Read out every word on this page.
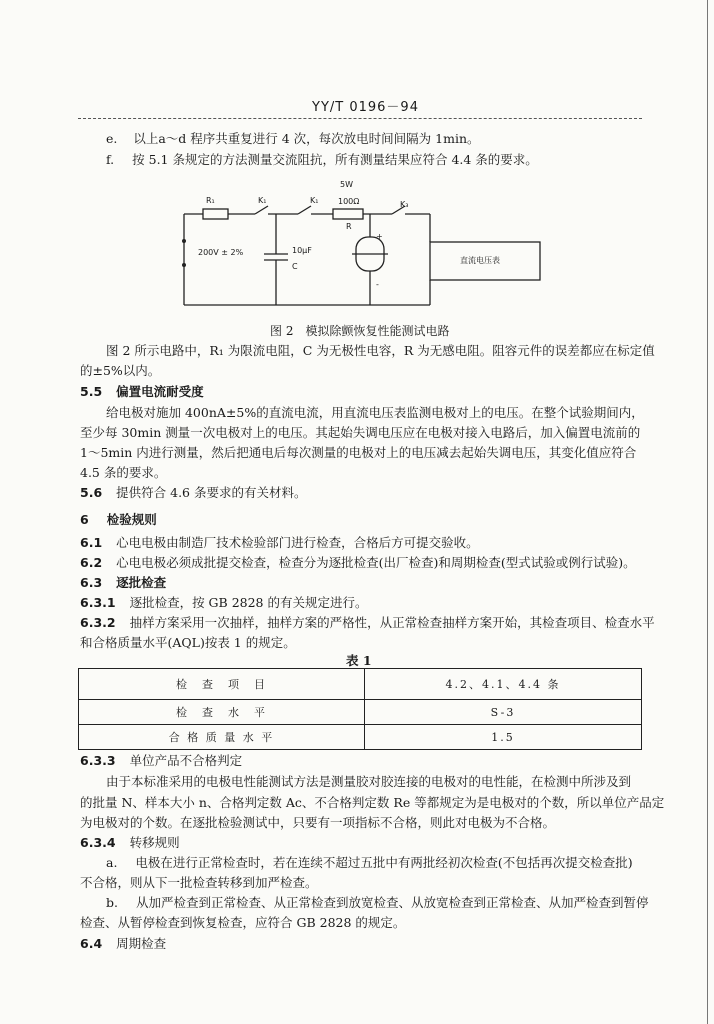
YY/T 0196－94
e. 以上a～d 程序共重复进行 4 次，每次放电时间间隔为 1min。
f. 按 5.1 条规定的方法测量交流阻抗，所有测量结果应符合 4.4 条的要求。
R₁	K₁	K₁
5W
100Ω
R
K₃
200V ± 2%	10μF
C
+
-
直流电压表
图 2　模拟除颤恢复性能测试电路
图 2 所示电路中，R₁ 为限流电阻，C 为无极性电容，R 为无感电阻。阻容元件的误差都应在标定值
的±5%以内。
5.5 偏置电流耐受度
给电极对施加 400nA±5%的直流电流，用直流电压表监测电极对上的电压。在整个试验期间内，
至少每 30min 测量一次电极对上的电压。其起始失调电压应在电极对接入电路后，加入偏置电流前的
1～5min 内进行测量，然后把通电后每次测量的电极对上的电压减去起始失调电压，其变化值应符合
4.5 条的要求。
5.6 提供符合 4.6 条要求的有关材料。
6 检验规则
6.1 心电电极由制造厂技术检验部门进行检查，合格后方可提交验收。
6.2 心电电极必须成批提交检查，检查分为逐批检查(出厂检查)和周期检查(型式试验或例行试验)。
6.3 逐批检查
6.3.1 逐批检查，按 GB 2828 的有关规定进行。
6.3.2 抽样方案采用一次抽样，抽样方案的严格性，从正常检查抽样方案开始，其检查项目、检查水平
和合格质量水平(AQL)按表 1 的规定。
表 1
检　查　项　目	4.2、4.1、4.4 条
检　查　水　平	S-3
合 格 质 量 水 平	1.5
6.3.3 单位产品不合格判定
由于本标准采用的电极电性能测试方法是测量胶对胶连接的电极对的电性能，在检测中所涉及到
的批量 N、样本大小 n、合格判定数 Ac、不合格判定数 Re 等都规定为是电极对的个数，所以单位产品定
为电极对的个数。在逐批检验测试中，只要有一项指标不合格，则此对电极为不合格。
6.3.4 转移规则
a. 电极在进行正常检查时，若在连续不超过五批中有两批经初次检查(不包括再次提交检查批)
不合格，则从下一批检查转移到加严检查。
b. 从加严检查到正常检查、从正常检查到放宽检查、从放宽检查到正常检查、从加严检查到暂停
检查、从暂停检查到恢复检查，应符合 GB 2828 的规定。
6.4 周期检查
